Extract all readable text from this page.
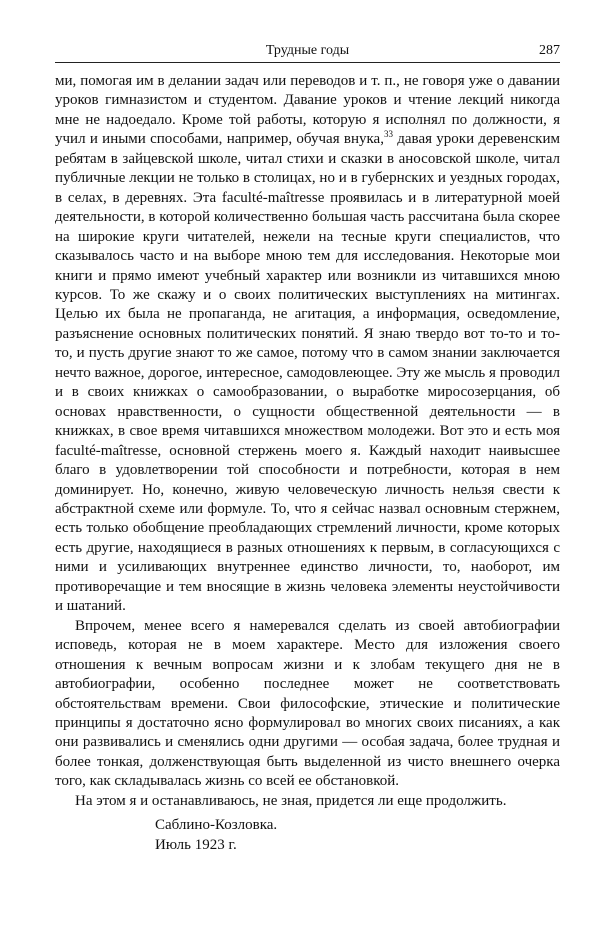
Трудные годы	287

ми, помогая им в делании задач или переводов и т. п., не говоря уже о давании уроков гимназистом и студентом. Давание уроков и чтение лекций никогда мне не надоедало. Кроме той работы, которую я исполнял по должности, я учил и иными способами, например, обучая внука,$^{33}$ давая уроки деревенским ребятам в зайцевской школе, читал стихи и сказки в аносовской школе, читал публичные лекции не только в столицах, но и в губернских и уездных городах, в селах, в деревнях. Эта faculté-maîtresse проявилась и в литературной моей деятельности, в которой количественно большая часть рассчитана была скорее на широкие круги читателей, нежели на тесные круги специалистов, что сказывалось часто и на выборе мною тем для исследования. Некоторые мои книги и прямо имеют учебный характер или возникли из читавшихся мною курсов. То же скажу и о своих политических выступлениях на митингах. Целью их была не пропаганда, не агитация, а информация, осведомление, разъяснение основных политических понятий. Я знаю твердо вот то-то и то-то, и пусть другие знают то же самое, потому что в самом знании заключается нечто важное, дорогое, интересное, самодовлеющее. Эту же мысль я проводил и в своих книжках о самообразовании, о выработке миросозерцания, об основах нравственности, о сущности общественной деятельности — в книжках, в свое время читавшихся множеством молодежи. Вот это и есть моя faculté-maîtresse, основной стержень моего я. Каждый находит наивысшее благо в удовлетворении той способности и потребности, которая в нем доминирует. Но, конечно, живую человеческую личность нельзя свести к абстрактной схеме или формуле. То, что я сейчас назвал основным стержнем, есть только обобщение преобладающих стремлений личности, кроме которых есть другие, находящиеся в разных отношениях к первым, в согласующихся с ними и усиливающих внутреннее единство личности, то, наоборот, им противоречащие и тем вносящие в жизнь человека элементы неустойчивости и шатаний.

Впрочем, менее всего я намеревался сделать из своей автобиографии исповедь, которая не в моем характере. Место для изложения своего отношения к вечным вопросам жизни и к злобам текущего дня не в автобиографии, особенно последнее может не соответствовать обстоятельствам времени. Свои философские, этические и политические принципы я достаточно ясно формулировал во многих своих писаниях, а как они развивались и сменялись одни другими — особая задача, более трудная и более тонкая, долженствующая быть выделенной из чисто внешнего очерка того, как складывалась жизнь со всей ее обстановкой.

На этом я и останавливаюсь, не зная, придется ли еще продолжить.

Саблино-Козловка.
Июль 1923 г.
